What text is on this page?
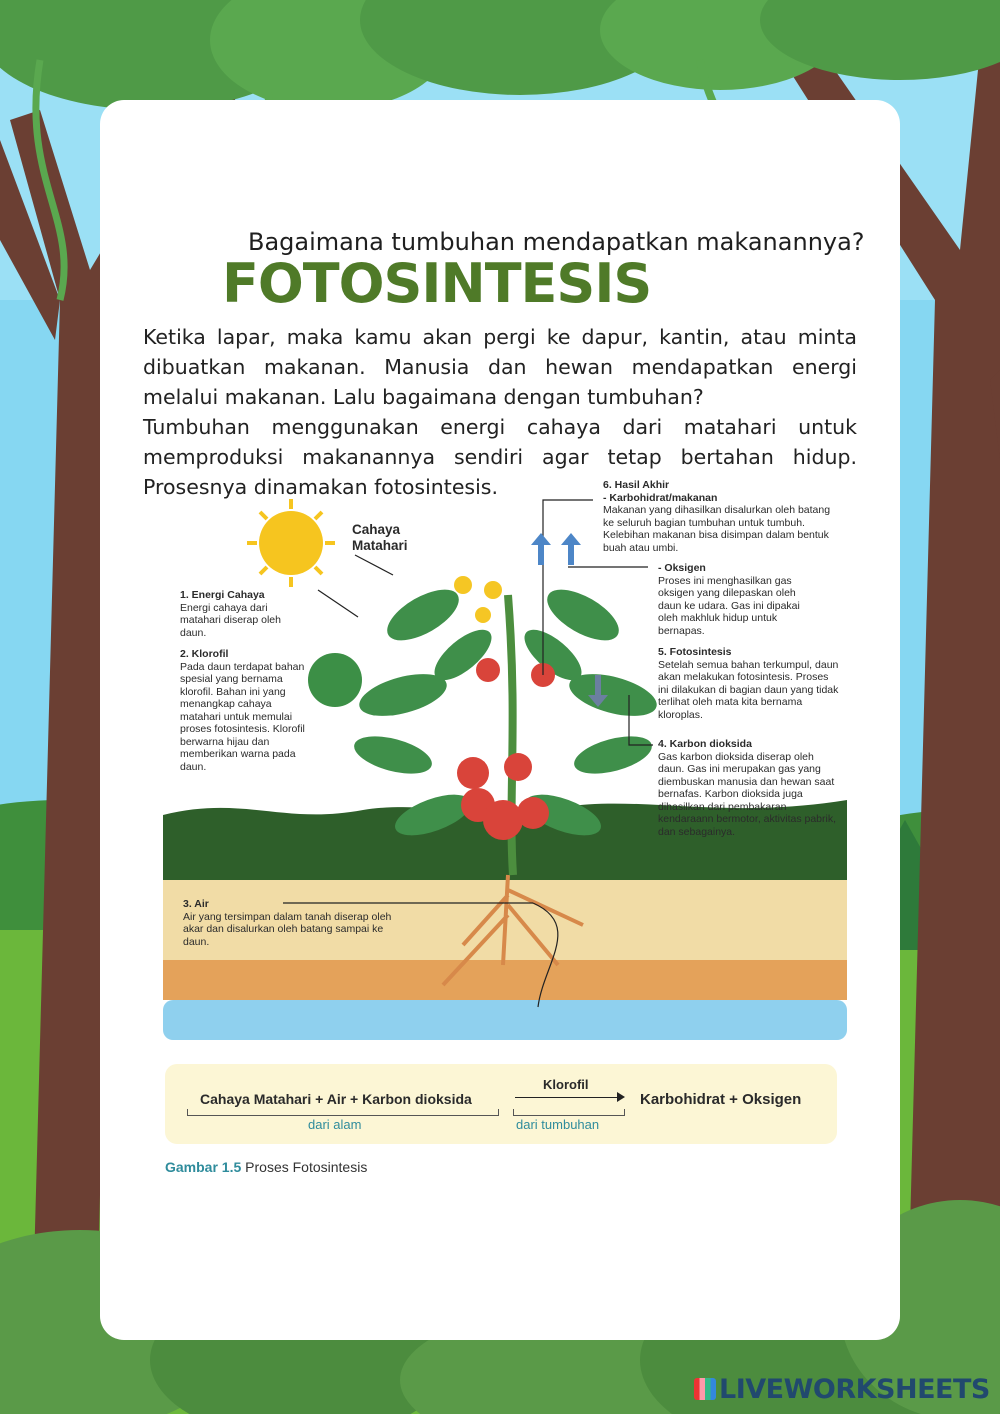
Bagaimana tumbuhan mendapatkan makanannya?
FOTOSINTESIS

Ketika lapar, maka kamu akan pergi ke dapur, kantin, atau minta dibuatkan makanan. Manusia dan hewan mendapatkan energi melalui makanan. Lalu bagaimana dengan tumbuhan?

Tumbuhan menggunakan energi cahaya dari matahari untuk memproduksi makanannya sendiri agar tetap bertahan hidup. Prosesnya dinamakan fotosintesis.

Cahaya
Matahari
1. Energi Cahaya
Energi cahaya dari matahari diserap oleh daun.
2. Klorofil
Pada daun terdapat bahan spesial yang bernama klorofil. Bahan ini yang menangkap cahaya matahari untuk memulai proses fotosintesis. Klorofil berwarna hijau dan memberikan warna pada daun.
3. Air
Air yang tersimpan dalam tanah diserap oleh akar dan disalurkan oleh batang sampai ke daun.
4. Karbon dioksida
Gas karbon dioksida diserap oleh daun. Gas ini merupakan gas yang diembuskan manusia dan hewan saat bernafas. Karbon dioksida juga dihasilkan dari pembakaran kendaraann bermotor, aktivitas pabrik, dan sebagainya.
5. Fotosintesis
Setelah semua bahan terkumpul, daun akan melakukan fotosintesis. Proses ini dilakukan di bagian daun yang tidak terlihat oleh mata kita bernama kloroplas.
6. Hasil Akhir
- Karbohidrat/makanan
Makanan yang dihasilkan disalurkan oleh batang ke seluruh bagian tumbuhan untuk tumbuh. Kelebihan makanan bisa disimpan dalam bentuk buah atau umbi.
- Oksigen
Proses ini menghasilkan gas oksigen yang dilepaskan oleh daun ke udara. Gas ini dipakai oleh makhluk hidup untuk bernapas.
Cahaya Matahari + Air + Karbon dioksida
dari alam
Klorofil
dari tumbuhan
Karbohidrat + Oksigen
Gambar 1.5 Proses Fotosintesis
LIVEWORKSHEETS
